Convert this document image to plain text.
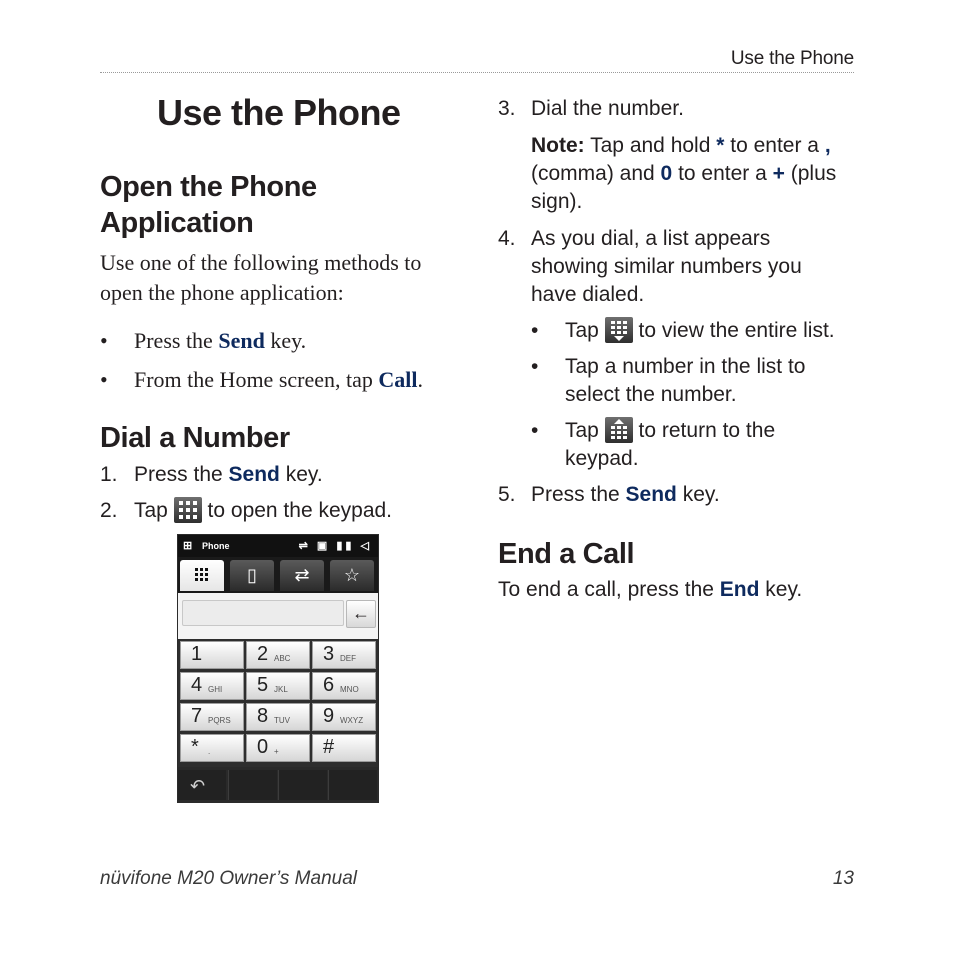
Use the Phone
Use the Phone
Open the Phone
Application
Use one of the following methods to
open the phone application:
• Press the Send key.
• From the Home screen, tap Call.
Dial a Number
1. Press the Send key.
2. Tap
to open the keypad.
⊞ Phone	⇌ ▣ ▮▮ ◁
▯	⇄	☆
←
1	2 ABC 3 DEF
4 GHI 5 JKL 6 MNO
7 PQRS 8 TUV 9 WXYZ
* . 0 + #
↶
3. Dial the number.
Note: Tap and hold * to enter a ,
(comma) and 0 to enter a + (plus
sign).
4. As you dial, a list appears
showing similar numbers you
have dialed.
• Tap
to view the entire list.
• Tap a number in the list to
select the number.
• Tap
to return to the
keypad.
5. Press the Send key.
End a Call
To end a call, press the End key.
nüvifone M20 Owner’s Manual	13
